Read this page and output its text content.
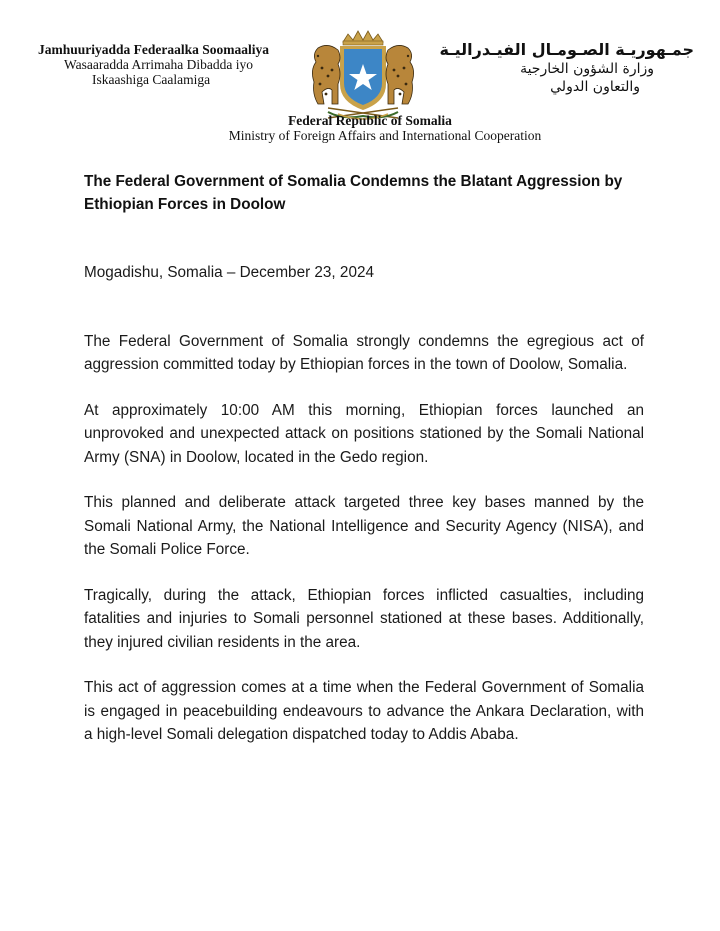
Jamhuuriyadda Federaalka Soomaaliya
Wasaaradda Arrimaha Dibadda iyo
Iskaashiga Caalamiga
جمـهوريـة الصـومـال الفيـدراليـة
وزارة الشؤون الخارجية
والتعاون الدولي
Federal Republic of Somalia
Ministry of Foreign Affairs and International Cooperation
The Federal Government of Somalia Condemns the Blatant Aggression by Ethiopian Forces in Doolow
Mogadishu, Somalia – December 23, 2024

The Federal Government of Somalia strongly condemns the egregious act of aggression committed today by Ethiopian forces in the town of Doolow, Somalia.

At approximately 10:00 AM this morning, Ethiopian forces launched an unprovoked and unexpected attack on positions stationed by the Somali National Army (SNA) in Doolow, located in the Gedo region.

This planned and deliberate attack targeted three key bases manned by the Somali National Army, the National Intelligence and Security Agency (NISA), and the Somali Police Force.

Tragically, during the attack, Ethiopian forces inflicted casualties, including fatalities and injuries to Somali personnel stationed at these bases. Additionally, they injured civilian residents in the area.

This act of aggression comes at a time when the Federal Government of Somalia is engaged in peacebuilding endeavours to advance the Ankara Declaration, with a high-level Somali delegation dispatched today to Addis Ababa.
